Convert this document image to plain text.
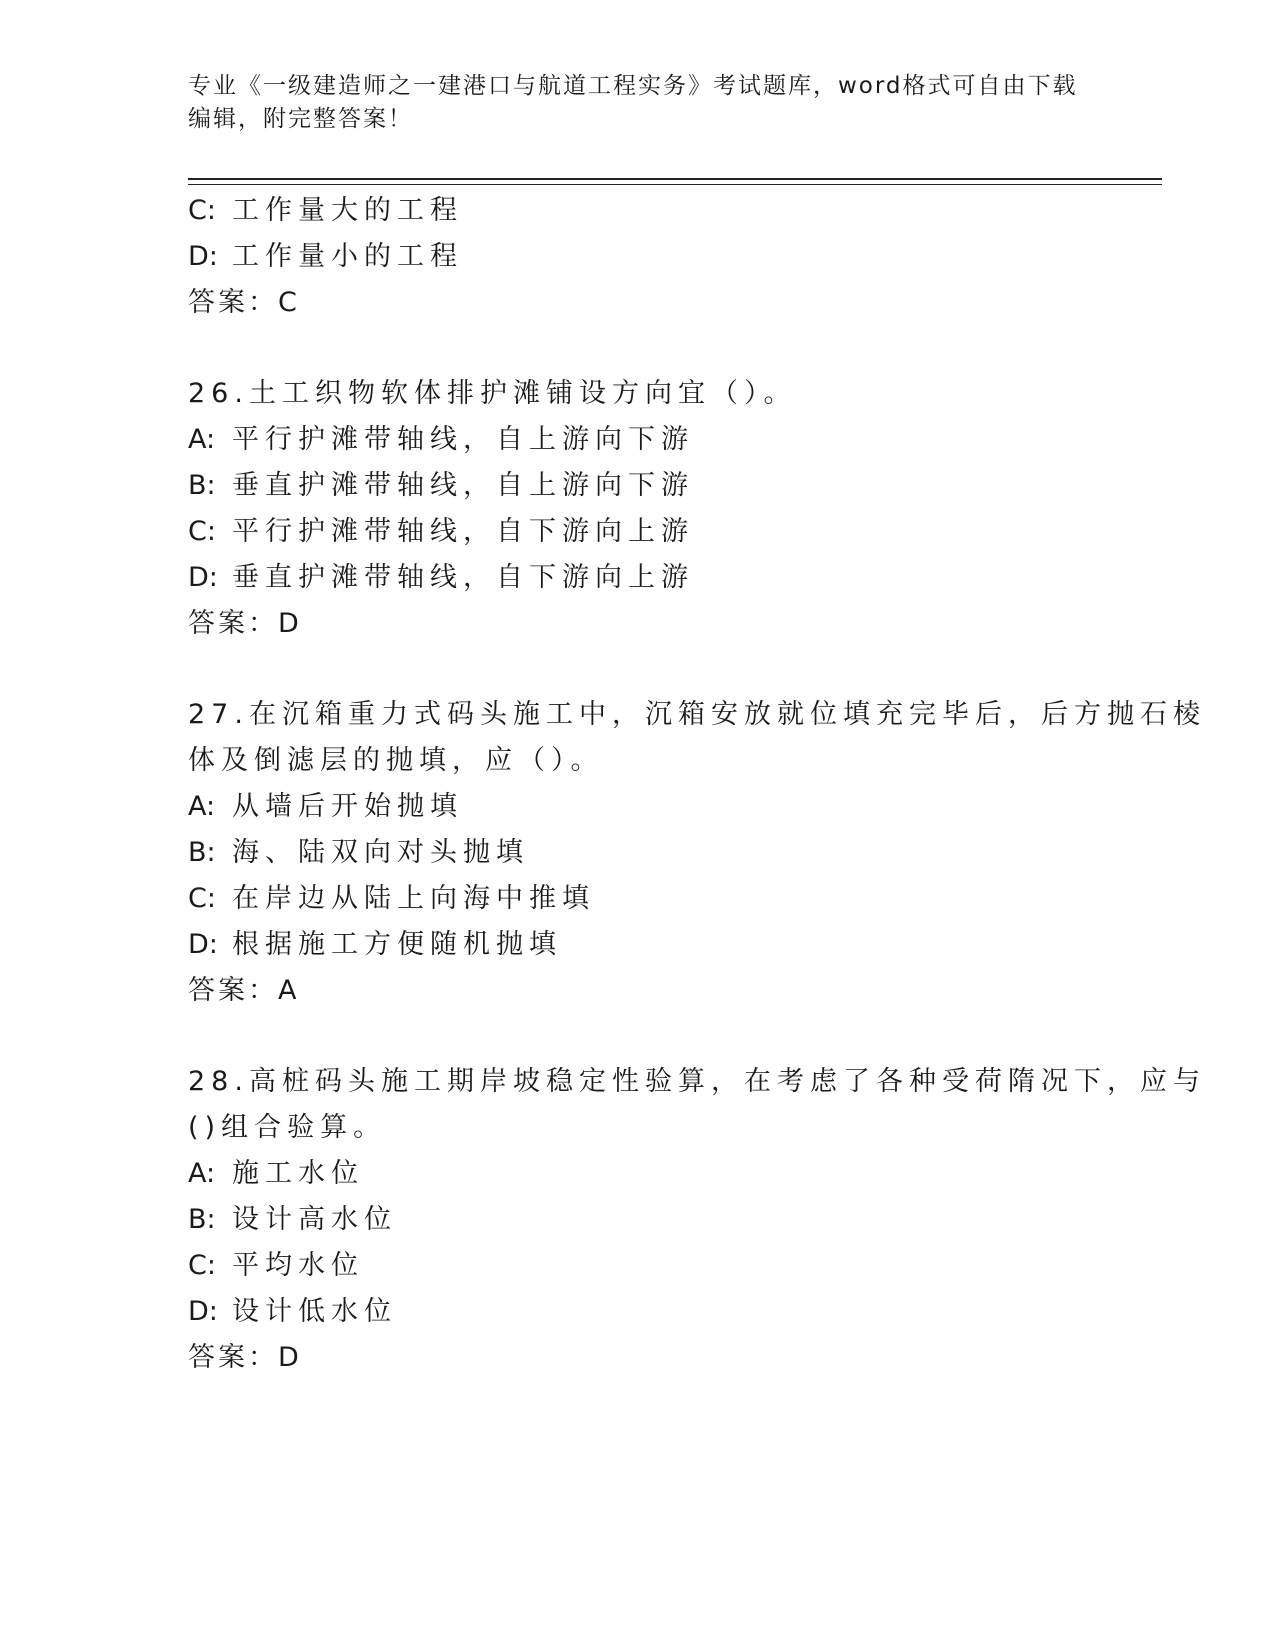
专业《一级建造师之一建港口与航道工程实务》考试题库，word格式可自由下载
编辑，附完整答案！
C: 工作量大的工程
D: 工作量小的工程
答案：C
26.土工织物软体排护滩铺设方向宜（）。
A: 平行护滩带轴线，自上游向下游
B: 垂直护滩带轴线，自上游向下游
C: 平行护滩带轴线，自下游向上游
D: 垂直护滩带轴线，自下游向上游
答案：D
27.在沉箱重力式码头施工中，沉箱安放就位填充完毕后，后方抛石棱
体及倒滤层的抛填，应（）。
A: 从墙后开始抛填
B: 海、陆双向对头抛填
C: 在岸边从陆上向海中推填
D: 根据施工方便随机抛填
答案：A
28.高桩码头施工期岸坡稳定性验算，在考虑了各种受荷隋况下，应与
()组合验算。
A: 施工水位
B: 设计高水位
C: 平均水位
D: 设计低水位
答案：D
